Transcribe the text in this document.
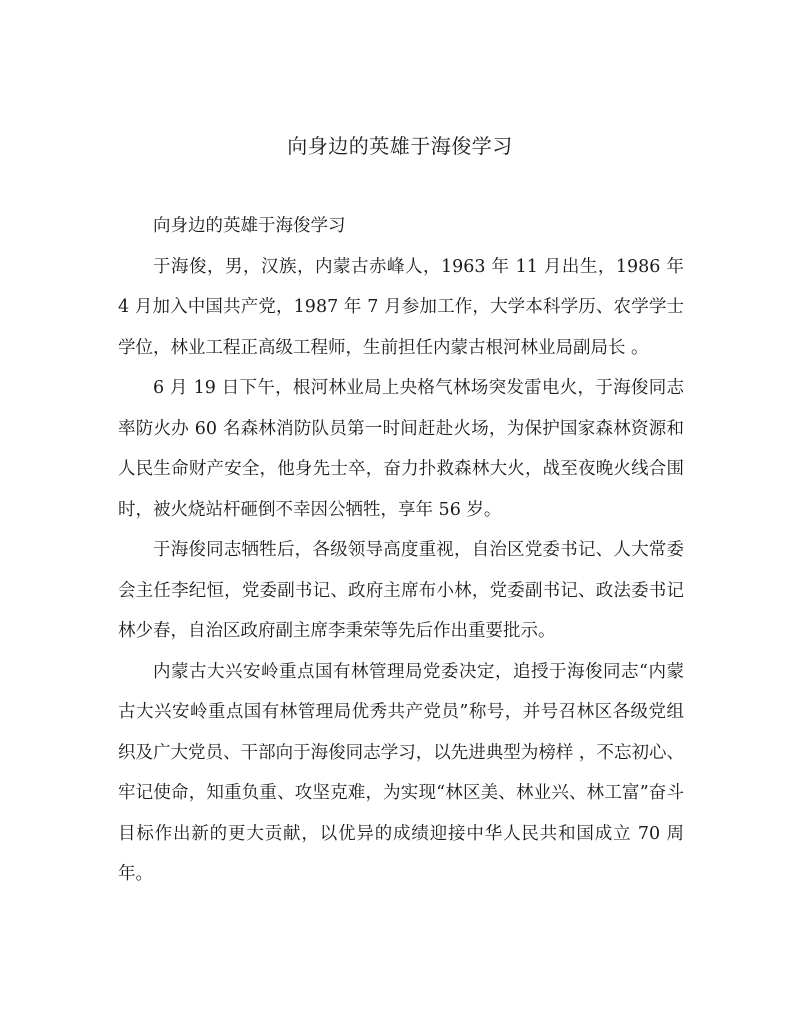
向身边的英雄于海俊学习

向身边的英雄于海俊学习

于海俊，男，汉族，内蒙古赤峰人，1963 年 11 月出生，1986 年 4 月加入中国共产党，1987 年 7 月参加工作，大学本科学历、农学学士学位，林业工程正高级工程师，生前担任内蒙古根河林业局副局长 。

6 月 19 日下午，根河林业局上央格气林场突发雷电火，于海俊同志率防火办 60 名森林消防队员第一时间赶赴火场，为保护国家森林资源和人民生命财产安全，他身先士卒，奋力扑救森林大火，战至夜晚火线合围时，被火烧站杆砸倒不幸因公牺牲，享年 56 岁。

于海俊同志牺牲后，各级领导高度重视，自治区党委书记、人大常委会主任李纪恒，党委副书记、政府主席布小林，党委副书记、政法委书记林少春，自治区政府副主席李秉荣等先后作出重要批示。

内蒙古大兴安岭重点国有林管理局党委决定，追授于海俊同志“内蒙古大兴安岭重点国有林管理局优秀共产党员”称号，并号召林区各级党组织及广大党员、干部向于海俊同志学习，以先进典型为榜样 ，不忘初心、牢记使命，知重负重、攻坚克难，为实现“林区美、林业兴、林工富”奋斗目标作出新的更大贡献，以优异的成绩迎接中华人民共和国成立 70 周年。
